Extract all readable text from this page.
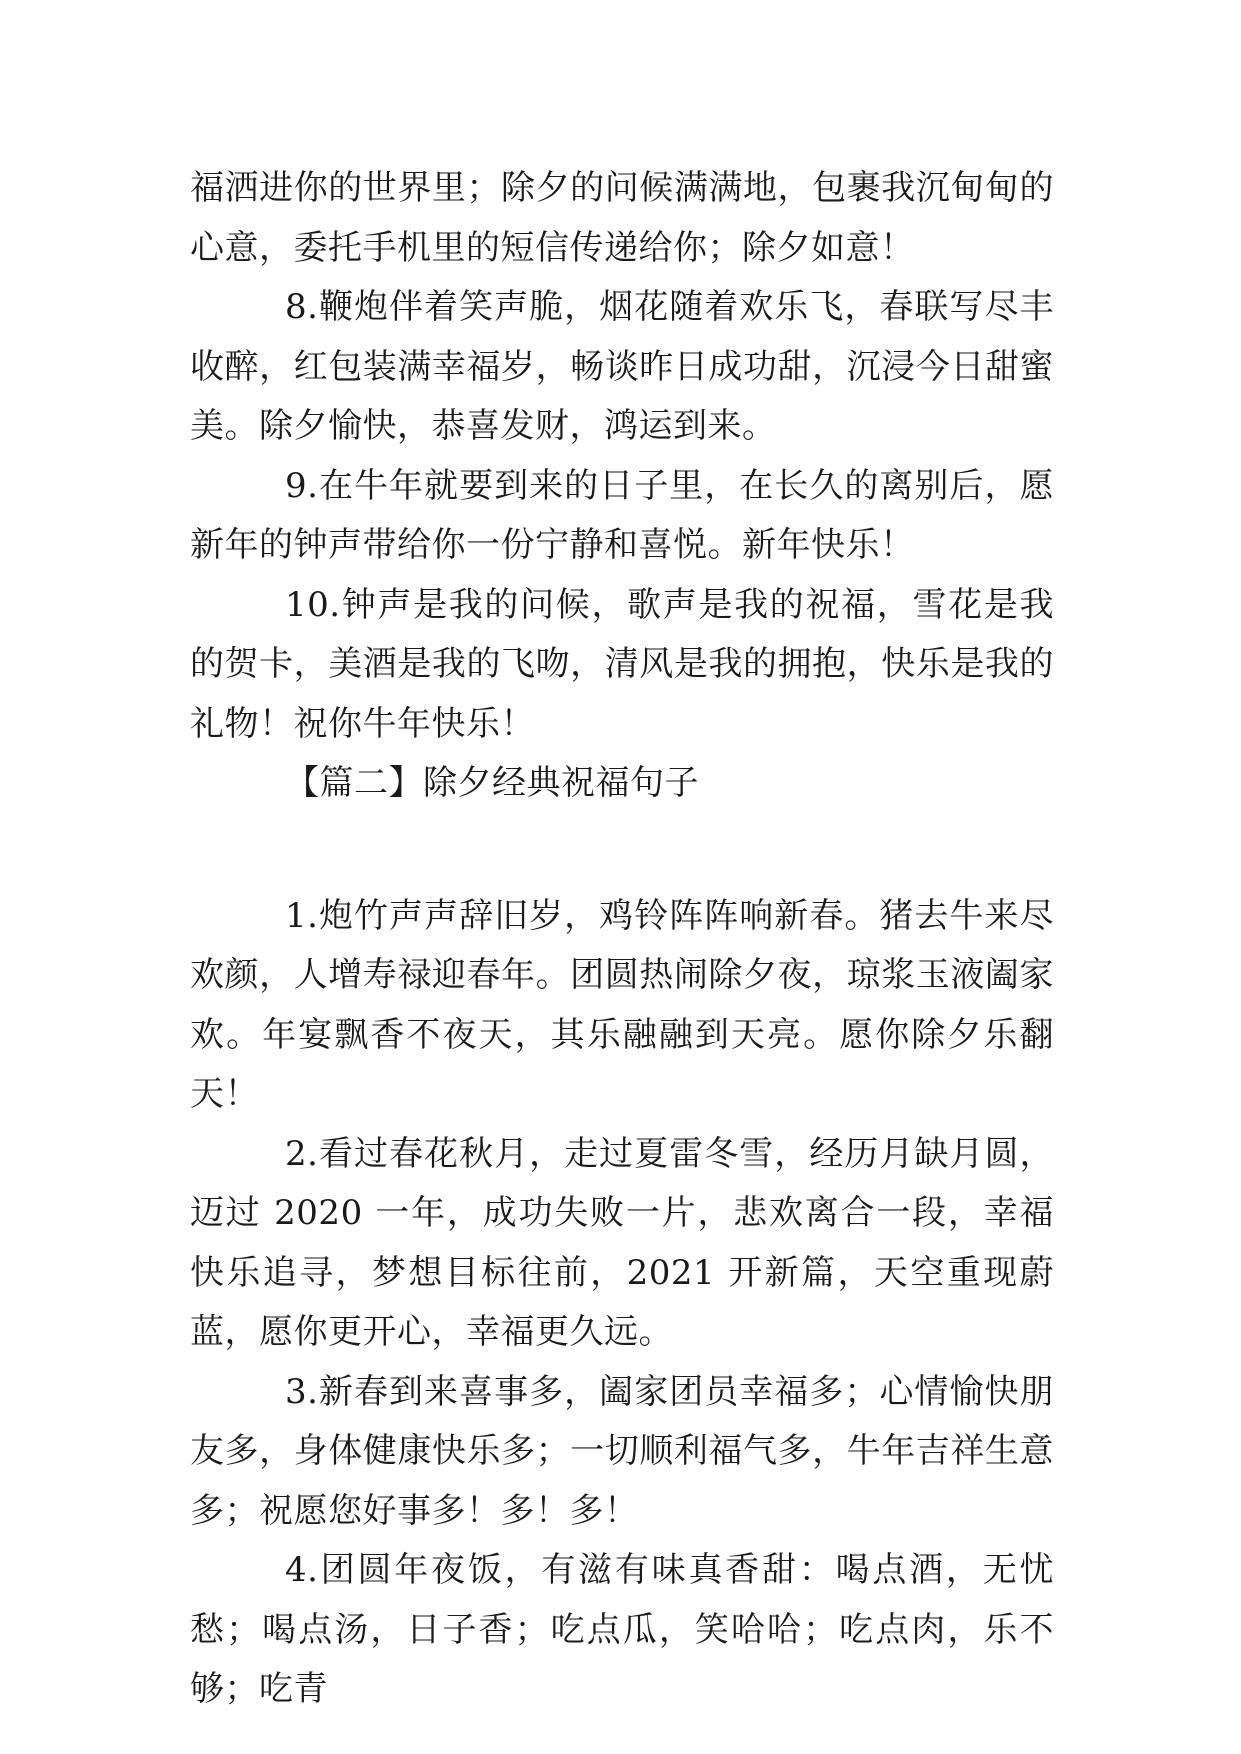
福洒进你的世界里；除夕的问候满满地，包裹我沉甸甸的心意，委托手机里的短信传递给你；除夕如意！

8.鞭炮伴着笑声脆，烟花随着欢乐飞，春联写尽丰收醉，红包装满幸福岁，畅谈昨日成功甜，沉浸今日甜蜜美。除夕愉快，恭喜发财，鸿运到来。

9.在牛年就要到来的日子里，在长久的离别后，愿新年的钟声带给你一份宁静和喜悦。新年快乐！

10.钟声是我的问候，歌声是我的祝福，雪花是我的贺卡，美酒是我的飞吻，清风是我的拥抱，快乐是我的礼物！祝你牛年快乐！

【篇二】除夕经典祝福句子

1.炮竹声声辞旧岁，鸡铃阵阵响新春。猪去牛来尽欢颜，人增寿禄迎春年。团圆热闹除夕夜，琼浆玉液阖家欢。年宴飘香不夜天，其乐融融到天亮。愿你除夕乐翻天！

2.看过春花秋月，走过夏雷冬雪，经历月缺月圆，迈过 2020 一年，成功失败一片，悲欢离合一段，幸福快乐追寻，梦想目标往前，2021 开新篇，天空重现蔚蓝，愿你更开心，幸福更久远。

3.新春到来喜事多，阖家团员幸福多；心情愉快朋友多，身体健康快乐多；一切顺利福气多，牛年吉祥生意多；祝愿您好事多！多！多！

4.团圆年夜饭，有滋有味真香甜：喝点酒，无忧愁；喝点汤，日子香；吃点瓜，笑哈哈；吃点肉，乐不够；吃青
